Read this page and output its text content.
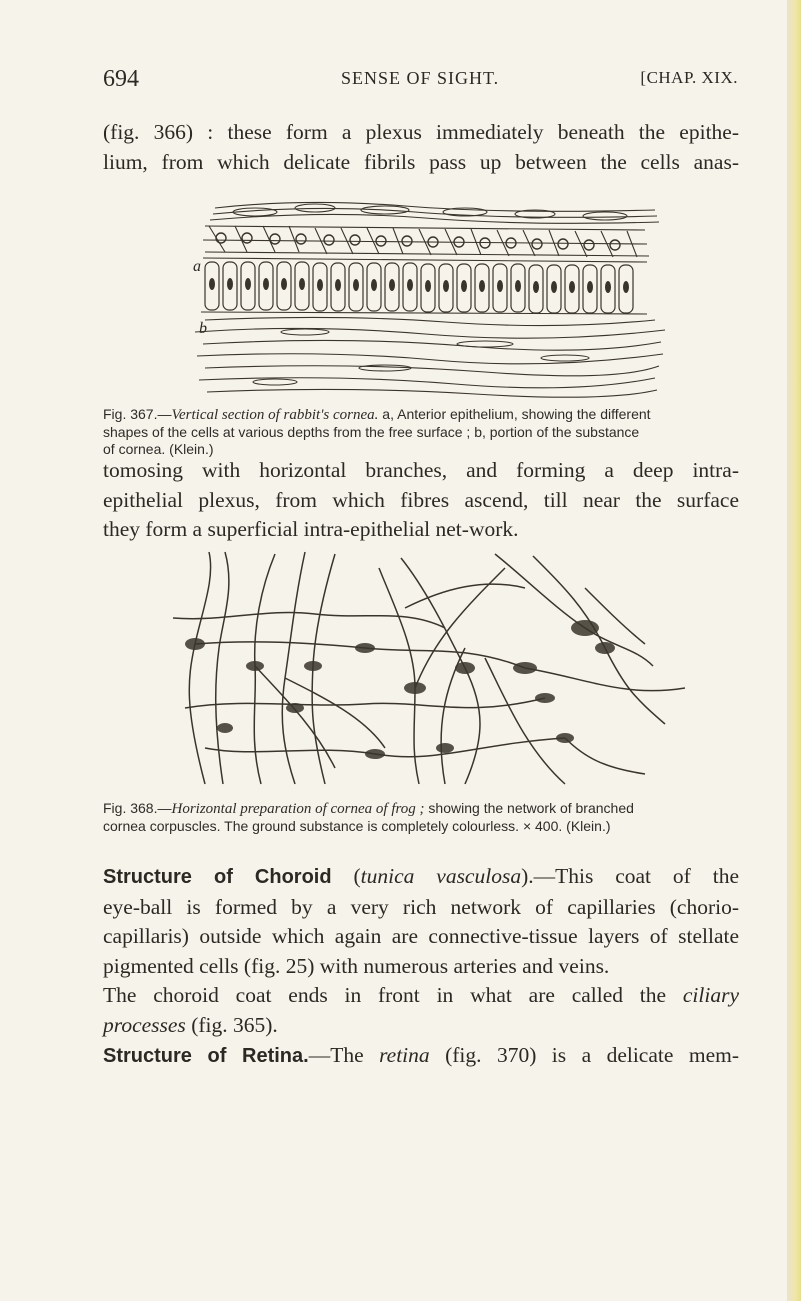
694	SENSE OF SIGHT.	[CHAP. XIX.
(fig. 366) : these form a plexus immediately beneath the epithe-
lium, from which delicate fibrils pass up between the cells anas-
a
b
Fig. 367.—Vertical section of rabbit's cornea. a, Anterior epithelium, showing the different
shapes of the cells at various depths from the free surface ; b, portion of the substance
of cornea. (Klein.)
tomosing with horizontal branches, and forming a deep intra-
epithelial plexus, from which fibres ascend, till near the surface
they form a superficial intra-epithelial net-work.
Fig. 368.—Horizontal preparation of cornea of frog ; showing the network of branched
cornea corpuscles. The ground substance is completely colourless. × 400. (Klein.)
Structure of Choroid (tunica vasculosa).—This coat of the
eye-ball is formed by a very rich network of capillaries (chorio-
capillaris) outside which again are connective-tissue layers of stellate
pigmented cells (fig. 25) with numerous arteries and veins.
The choroid coat ends in front in what are called the ciliary
processes (fig. 365).
Structure of Retina.—The retina (fig. 370) is a delicate mem-
